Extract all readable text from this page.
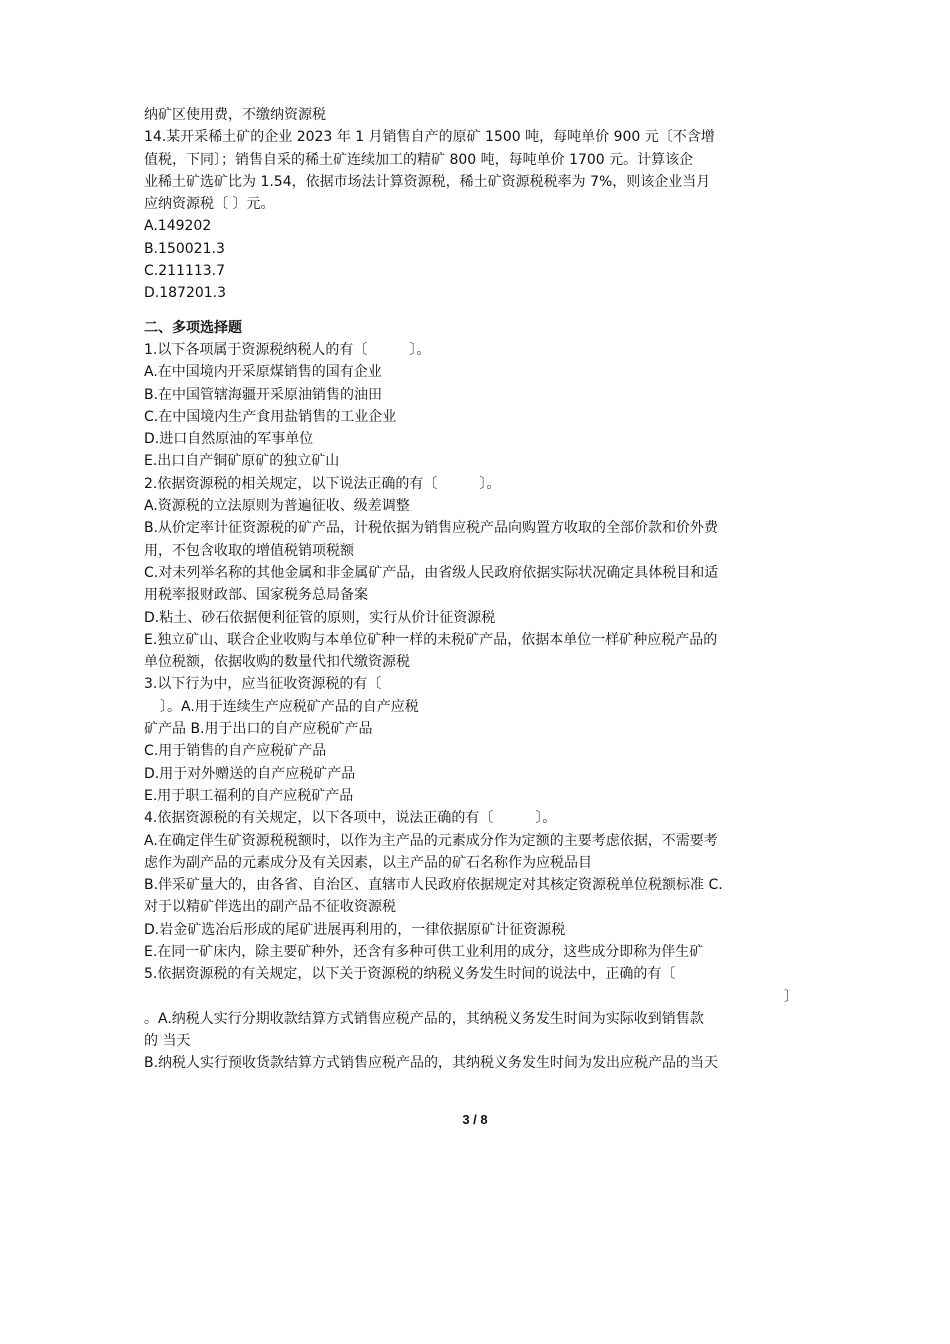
纳矿区使用费，不缴纳资源税
14.某开采稀土矿的企业 2023 年 1 月销售自产的原矿 1500 吨，每吨单价 900 元〔不含增
值税，下同〕；销售自采的稀土矿连续加工的精矿 800 吨，每吨单价 1700 元。计算该企
业稀土矿选矿比为 1.54，依据市场法计算资源税，稀土矿资源税税率为 7%，则该企业当月
应纳资源税〔 〕元。
A.149202
B.150021.3
C.211113.7
D.187201.3
二、多项选择题
1.以下各项属于资源税纳税人的有〔　　　〕。
A.在中国境内开采原煤销售的国有企业
B.在中国管辖海疆开采原油销售的油田
C.在中国境内生产食用盐销售的工业企业
D.进口自然原油的军事单位
E.出口自产铜矿原矿的独立矿山
2.依据资源税的相关规定，以下说法正确的有〔　　　〕。
A.资源税的立法原则为普遍征收、级差调整
B.从价定率计征资源税的矿产品，计税依据为销售应税产品向购置方收取的全部价款和价外费
用，不包含收取的增值税销项税额
C.对未列举名称的其他金属和非金属矿产品，由省级人民政府依据实际状况确定具体税目和适
用税率报财政部、国家税务总局备案
D.粘土、砂石依据便利征管的原则，实行从价计征资源税
E.独立矿山、联合企业收购与本单位矿种一样的未税矿产品，依据本单位一样矿种应税产品的
单位税额，依据收购的数量代扣代缴资源税
3.以下行为中，应当征收资源税的有〔
〕。A.用于连续生产应税矿产品的自产应税
矿产品 B.用于出口的自产应税矿产品
C.用于销售的自产应税矿产品
D.用于对外赠送的自产应税矿产品
E.用于职工福利的自产应税矿产品
4.依据资源税的有关规定，以下各项中，说法正确的有〔　　　〕。
A.在确定伴生矿资源税税额时，以作为主产品的元素成分作为定额的主要考虑依据，不需要考
虑作为副产品的元素成分及有关因素，以主产品的矿石名称作为应税品目
B.伴采矿量大的，由各省、自治区、直辖市人民政府依据规定对其核定资源税单位税额标准 C.
对于以精矿伴选出的副产品不征收资源税
D.岩金矿选冶后形成的尾矿进展再利用的，一律依据原矿计征资源税
E.在同一矿床内，除主要矿种外，还含有多种可供工业利用的成分，这些成分即称为伴生矿
5.依据资源税的有关规定，以下关于资源税的纳税义务发生时间的说法中，正确的有〔
〕
。A.纳税人实行分期收款结算方式销售应税产品的，其纳税义务发生时间为实际收到销售款
的 当天
B.纳税人实行预收货款结算方式销售应税产品的，其纳税义务发生时间为发出应税产品的当天
3 / 8
